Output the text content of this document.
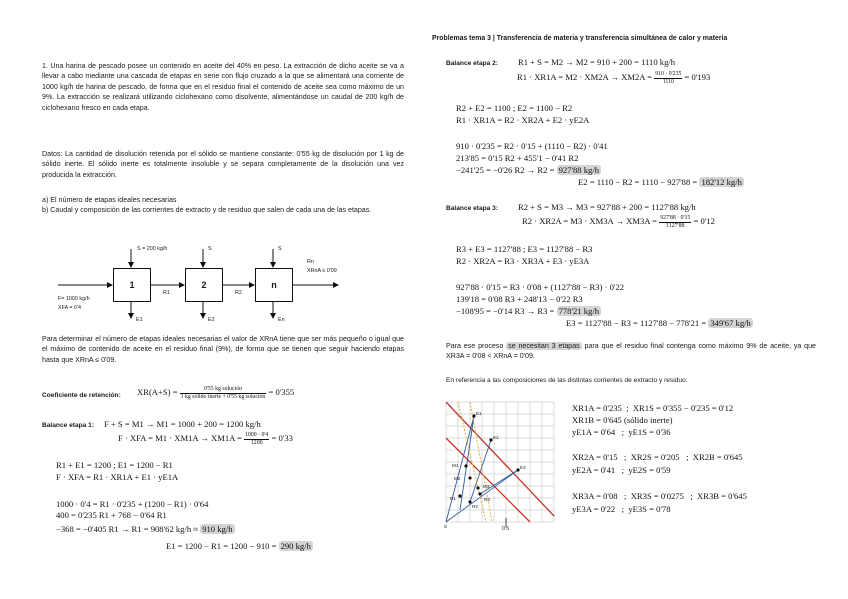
Problemas tema 3 | Transferencia de materia y transferencia simultánea de calor y materia
1. Una harina de pescado posee un contenido en aceite del 40% en peso. La extracción de dicho aceite se va a llevar a cabo mediante una cascada de etapas en serie con flujo cruzado a la que se alimentará una corriente de 1000 kg/h de harina de pescado, de forma que en el residuo final el contenido de aceite sea como máximo de un 9%. La extracción se realizará utilizando ciclohexano como disolvente, alimentándose un caudal de 200 kg/h de ciclohexano fresco en cada etapa.
Datos: La cantidad de disolución retenida por el sólido se mantiene constante: 0'55 kg de disolución por 1 kg de sólido inerte. El sólido inerte es totalmente insoluble y se separa completamente de la disolución una vez producida la extracción.
a) El número de etapas ideales necesarias
b) Caudal y composición de las corrientes de extracto y de residuo que salen de cada una de las etapas.
1	2	n
S = 200 kg/h	S	S
F= 1000 kg/h
XFA = 0'4
Rn
XRnA ≤ 0'09
R1	R2
E1	E2	En
Para determinar el número de etapas ideales necesarias el valor de XRnA tiene que ser más pequeño o igual que el máximo de contenido de aceite en el residuo final (9%), de forma que se tienen que seguir haciendo etapas hasta que XRnA ≤ 0'09.
Coeficiente de retención: $XR(A+S) = \frac{\text{0'55 kg solución}}{\text{1 kg sólido inerte + 0'55 kg solución}} = 0'355$
Balance etapa 1: F + S = M1 → M1 = 1000 + 200 = 1200 kg/h
F · XFA = $M1 \cdot XM1A \to XM1A = \frac{1000 \cdot 0'4}{1200} = 0'33$
R1 + E1 = 1200 ; E1 = 1200 − R1
F · XFA = R1 · XR1A + E1 · yE1A
1000 · 0'4 = R1 · 0'235 + (1200 − R1) · 0'64
400 = 0'235 R1 + 768 − 0'64 R1
−368 = −0'405 R1 → R1 = 908'62 kg/h ≈ 910 kg/h
E1 = 1200 − R1 = 1200 − 910 = 290 kg/h
Balance etapa 2: R1 + S = M2 → M2 = 910 + 200 = 1110 kg/h
$R1 \cdot XR1A = M2 \cdot XM2A \to XM2A = \frac{910 \cdot 0'235}{1110} = 0'193$
R2 + E2 = 1100 ; E2 = 1100 − R2
R1 · XR1A = R2 · XR2A + E2 · yE2A
910 · 0'235 = R2 · 0'15 + (1110 − R2) · 0'41
213'85 = 0'15 R2 + 455'1 − 0'41 R2
−241'25 = −0'26 R2 → R2 = 927'88 kg/h
E2 = 1110 − R2 = 1110 − 927'88 = 182'12 kg/h
Balance etapa 3: R2 + S = M3 → M3 = 927'88 + 200 = 1127'88 kg/h
$R2 \cdot XR2A = M3 \cdot XM3A \to XM3A = \frac{927'88 \cdot 0'15}{1127'88} = 0'12$
R3 + E3 = 1127'88 ; E3 = 1127'88 − R3
R2 · XR2A = R3 · XR3A + E3 · yE3A
927'88 · 0'15 = R3 · 0'08 + (1127'88 − R3) · 0'22
139'18 = 0'08 R3 + 248'13 − 0'22 R3
−108'95 = −0'14 R3 → R3 = 778'21 kg/h
E3 = 1127'88 − R3 = 1127'88 − 778'21 = 349'67 kg/h
Para ese proceso se necesitan 3 etapas para que el residuo final contenga como máximo 9% de aceite, ya que XR3A = 0'08 < XRnA = 0'09.
En referencia a las composiciones de las distintas corrientes de extracto y residuo:
E1
E2
E3
M1
M2
M3
R1
R2
R3
S	0'5
XR1A = 0'235 ; XR1S = 0'355 − 0'235 = 0'12
XR1B = 0'645 (sólido inerte)
yE1A = 0'64 ; yE1S = 0'36
XR2A = 0'15 ; XR2S = 0'205 ; XR2B = 0'645
yE2A = 0'41 ; yE2S = 0'59
XR3A = 0'08 ; XR3S = 0'0275 ; XR3B = 0'645
yE3A = 0'22 ; yE3S = 0'78
